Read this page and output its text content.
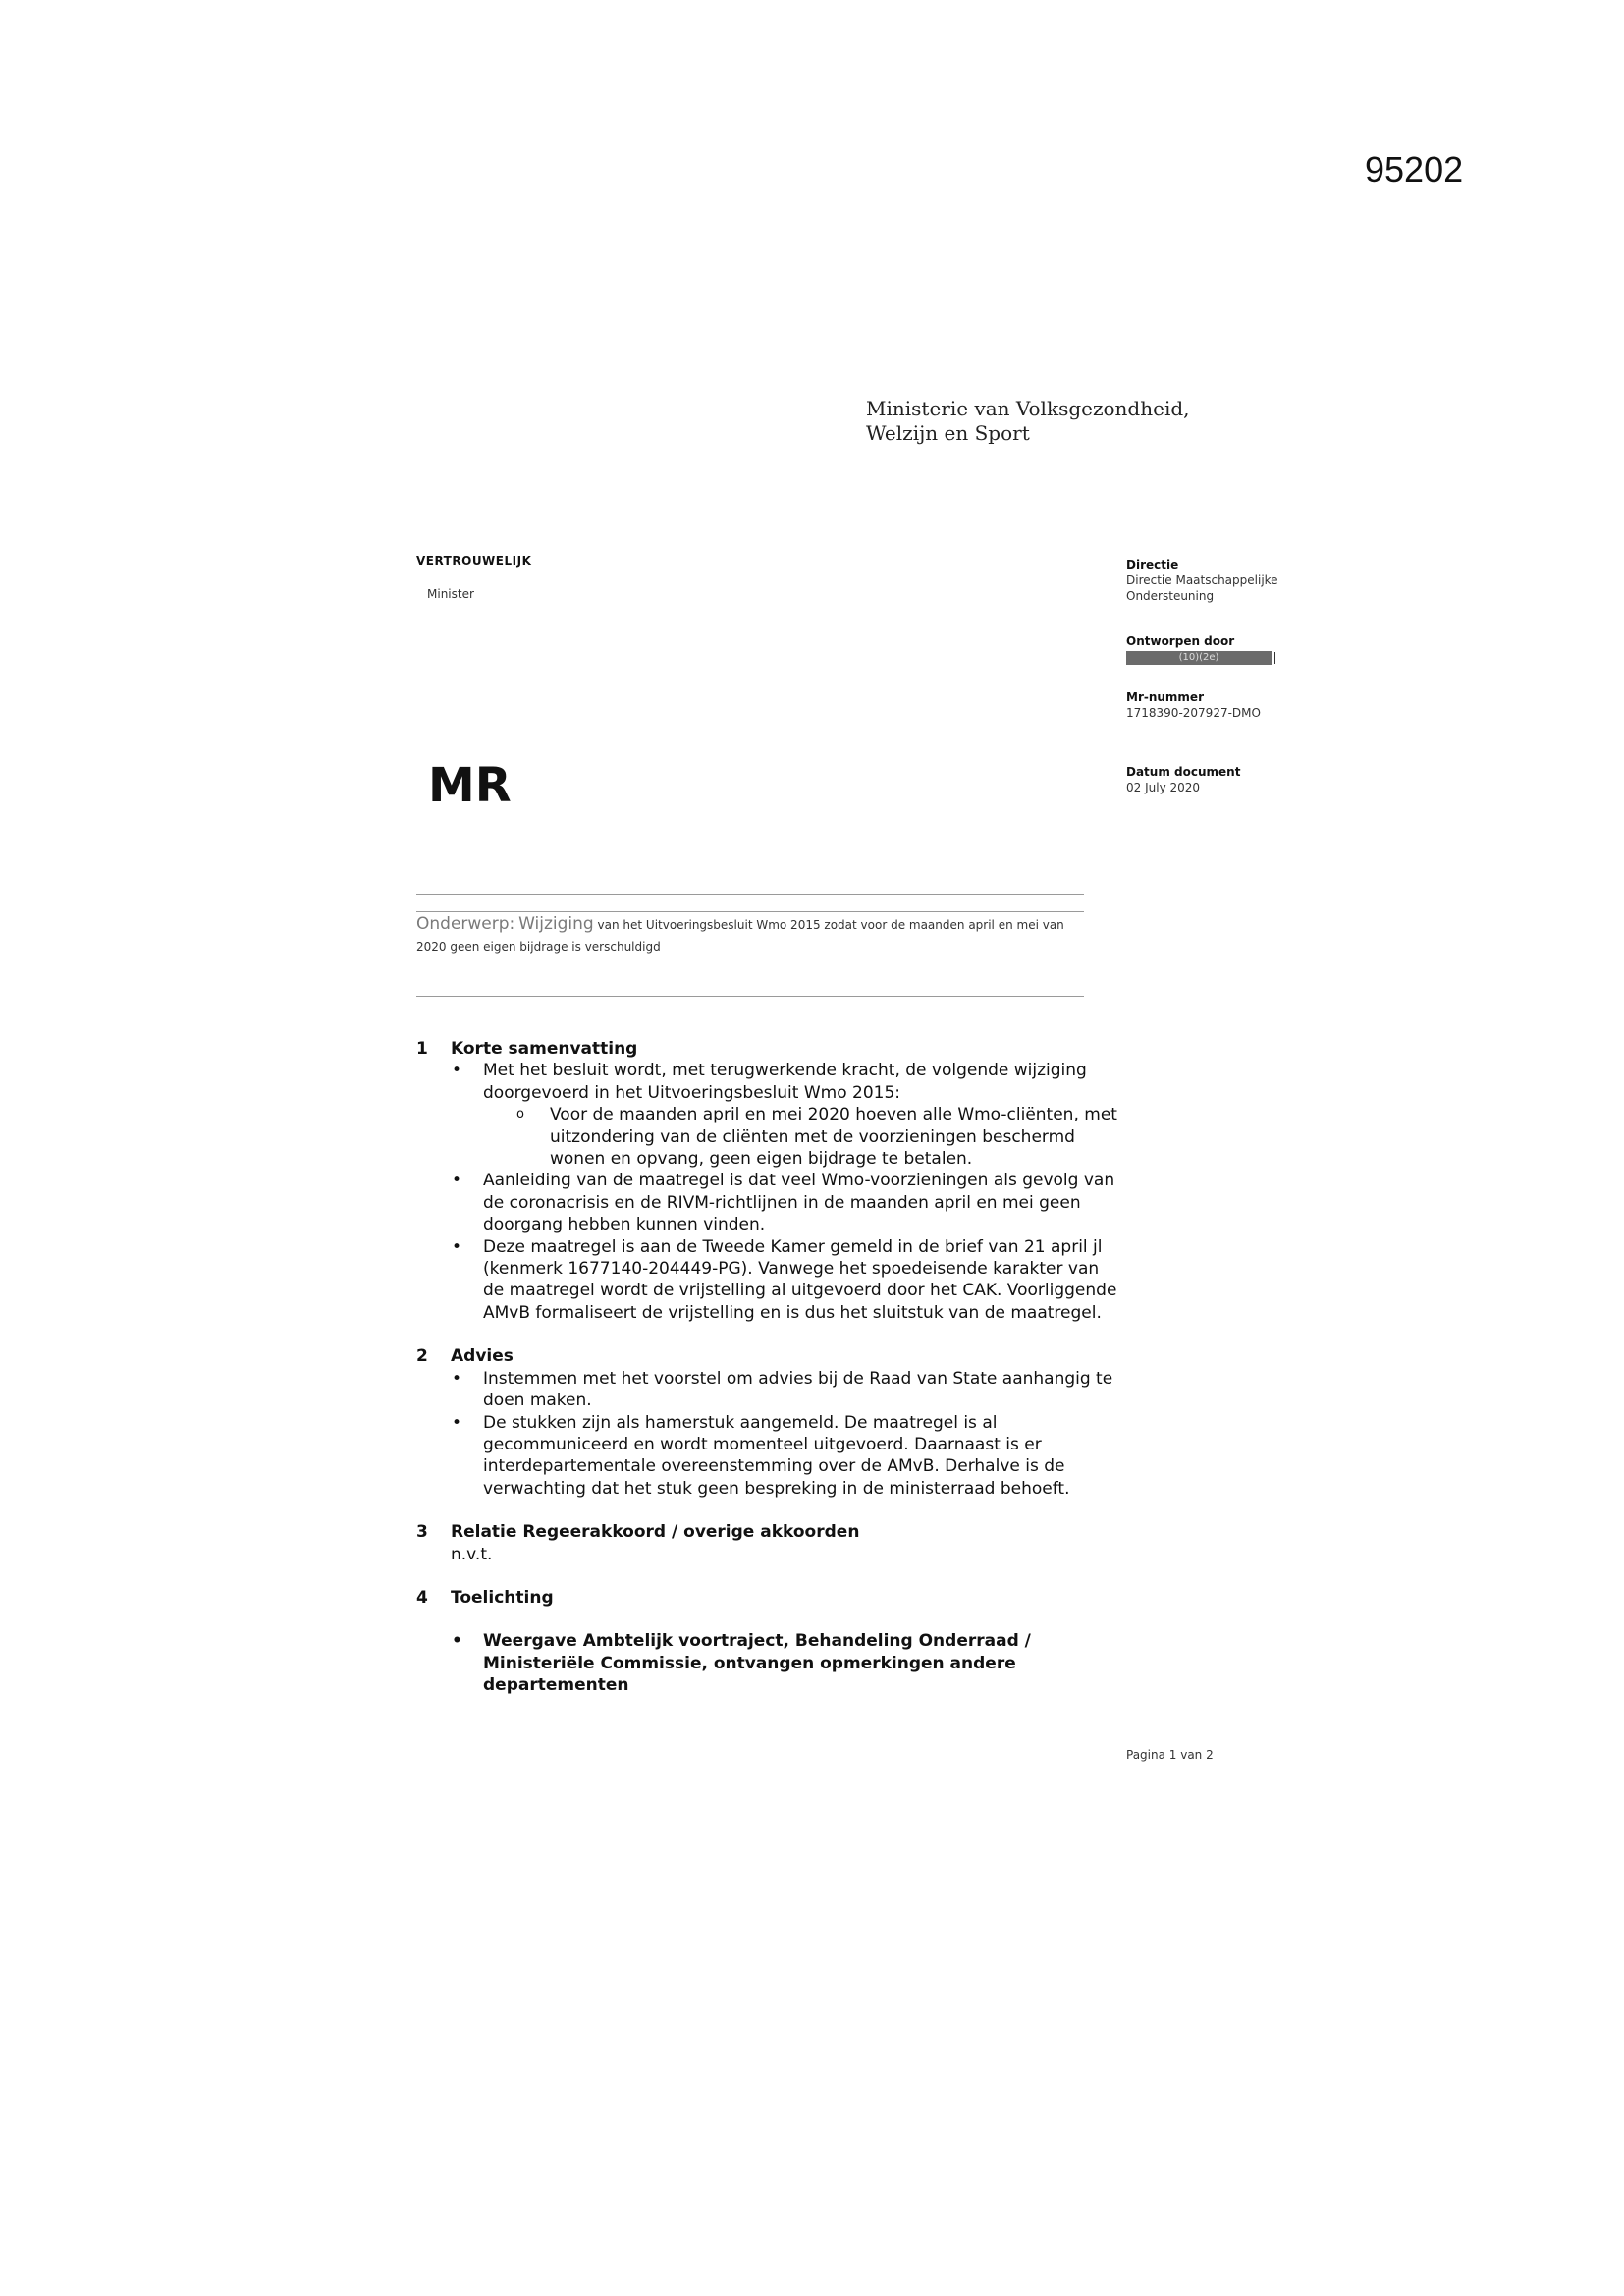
95202
Ministerie van Volksgezondheid,
Welzijn en Sport
VERTROUWELIJK
Minister
MR
Directie
Directie Maatschappelijke
Ondersteuning
Ontworpen door
(10)(2e)
Mr-nummer
1718390-207927-DMO
Datum document
02 July 2020
Onderwerp: Wijziging van het Uitvoeringsbesluit Wmo 2015 zodat voor de maanden april en mei van
2020 geen eigen bijdrage is verschuldigd
1 Korte samenvatting
• Met het besluit wordt, met terugwerkende kracht, de volgende wijziging doorgevoerd in het Uitvoeringsbesluit Wmo 2015:
o Voor de maanden april en mei 2020 hoeven alle Wmo-cliënten, met uitzondering van de cliënten met de voorzieningen beschermd wonen en opvang, geen eigen bijdrage te betalen.
• Aanleiding van de maatregel is dat veel Wmo-voorzieningen als gevolg van de coronacrisis en de RIVM-richtlijnen in de maanden april en mei geen doorgang hebben kunnen vinden.
• Deze maatregel is aan de Tweede Kamer gemeld in de brief van 21 april jl (kenmerk 1677140-204449-PG). Vanwege het spoedeisende karakter van de maatregel wordt de vrijstelling al uitgevoerd door het CAK. Voorliggende AMvB formaliseert de vrijstelling en is dus het sluitstuk van de maatregel.
2 Advies
• Instemmen met het voorstel om advies bij de Raad van State aanhangig te doen maken.
• De stukken zijn als hamerstuk aangemeld. De maatregel is al gecommuniceerd en wordt momenteel uitgevoerd. Daarnaast is er interdepartementale overeenstemming over de AMvB. Derhalve is de verwachting dat het stuk geen bespreking in de ministerraad behoeft.
3 Relatie Regeerakkoord / overige akkoorden
n.v.t.
4 Toelichting
• Weergave Ambtelijk voortraject, Behandeling Onderraad / Ministeriële Commissie, ontvangen opmerkingen andere departementen
Pagina 1 van 2
